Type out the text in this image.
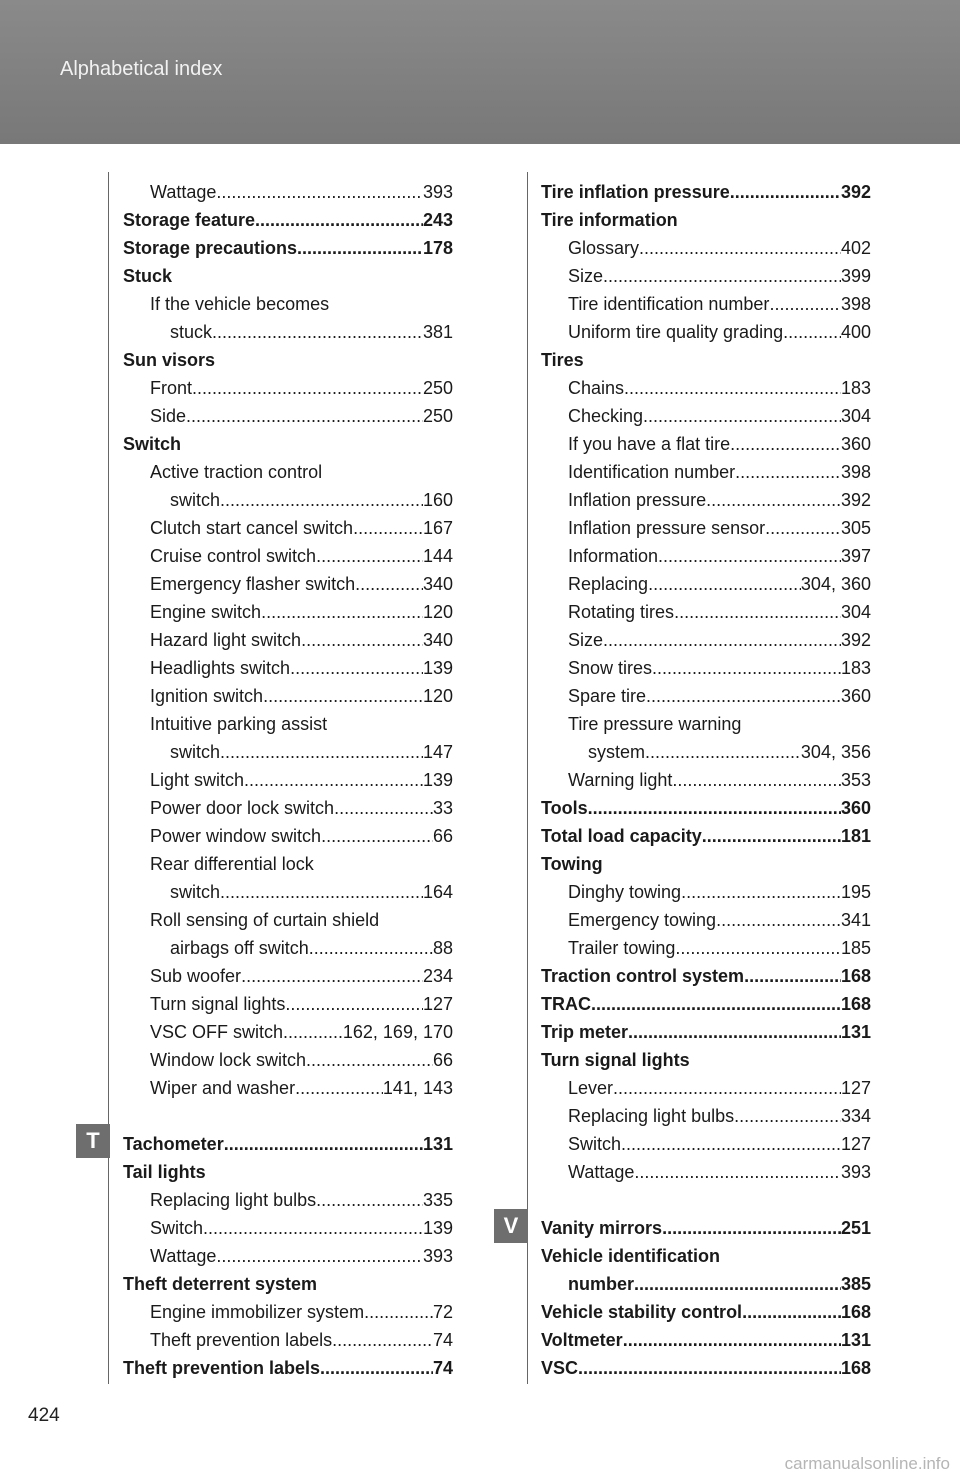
Alphabetical index
Wattage .....	393
Storage feature .....	243
Storage precautions .....	178
Stuck
If the vehicle becomes
stuck .....	381
Sun visors
Front .....	250
Side .....	250
Switch
Active traction control
switch .....	160
Clutch start cancel switch .....	167
Cruise control switch .....	144
Emergency flasher switch .....	340
Engine switch .....	120
Hazard light switch .....	340
Headlights switch .....	139
Ignition switch .....	120
Intuitive parking assist
switch .....	147
Light switch .....	139
Power door lock switch .....	33
Power window switch .....	66
Rear differential lock
switch .....	164
Roll sensing of curtain shield
airbags off switch .....	88
Sub woofer .....	234
Turn signal lights .....	127
VSC OFF switch .....	162, 169, 170
Window lock switch .....	66
Wiper and washer .....	141, 143
Tachometer .....	131
Tail lights
Replacing light bulbs .....	335
Switch .....	139
Wattage .....	393
Theft deterrent system
Engine immobilizer system .....	72
Theft prevention labels .....	74
Theft prevention labels .....	74
Tire inflation pressure .....	392
Tire information
Glossary .....	402
Size .....	399
Tire identification number .....	398
Uniform tire quality grading .....	400
Tires
Chains .....	183
Checking .....	304
If you have a flat tire .....	360
Identification number .....	398
Inflation pressure .....	392
Inflation pressure sensor .....	305
Information .....	397
Replacing .....	304, 360
Rotating tires .....	304
Size .....	392
Snow tires .....	183
Spare tire .....	360
Tire pressure warning
system .....	304, 356
Warning light .....	353
Tools .....	360
Total load capacity .....	181
Towing
Dinghy towing .....	195
Emergency towing .....	341
Trailer towing .....	185
Traction control system .....	168
TRAC .....	168
Trip meter .....	131
Turn signal lights
Lever .....	127
Replacing light bulbs .....	334
Switch .....	127
Wattage .....	393
Vanity mirrors .....	251
Vehicle identification
number .....	385
Vehicle stability control .....	168
Voltmeter .....	131
VSC .....	168
T
V
424
carmanualsonline.info
